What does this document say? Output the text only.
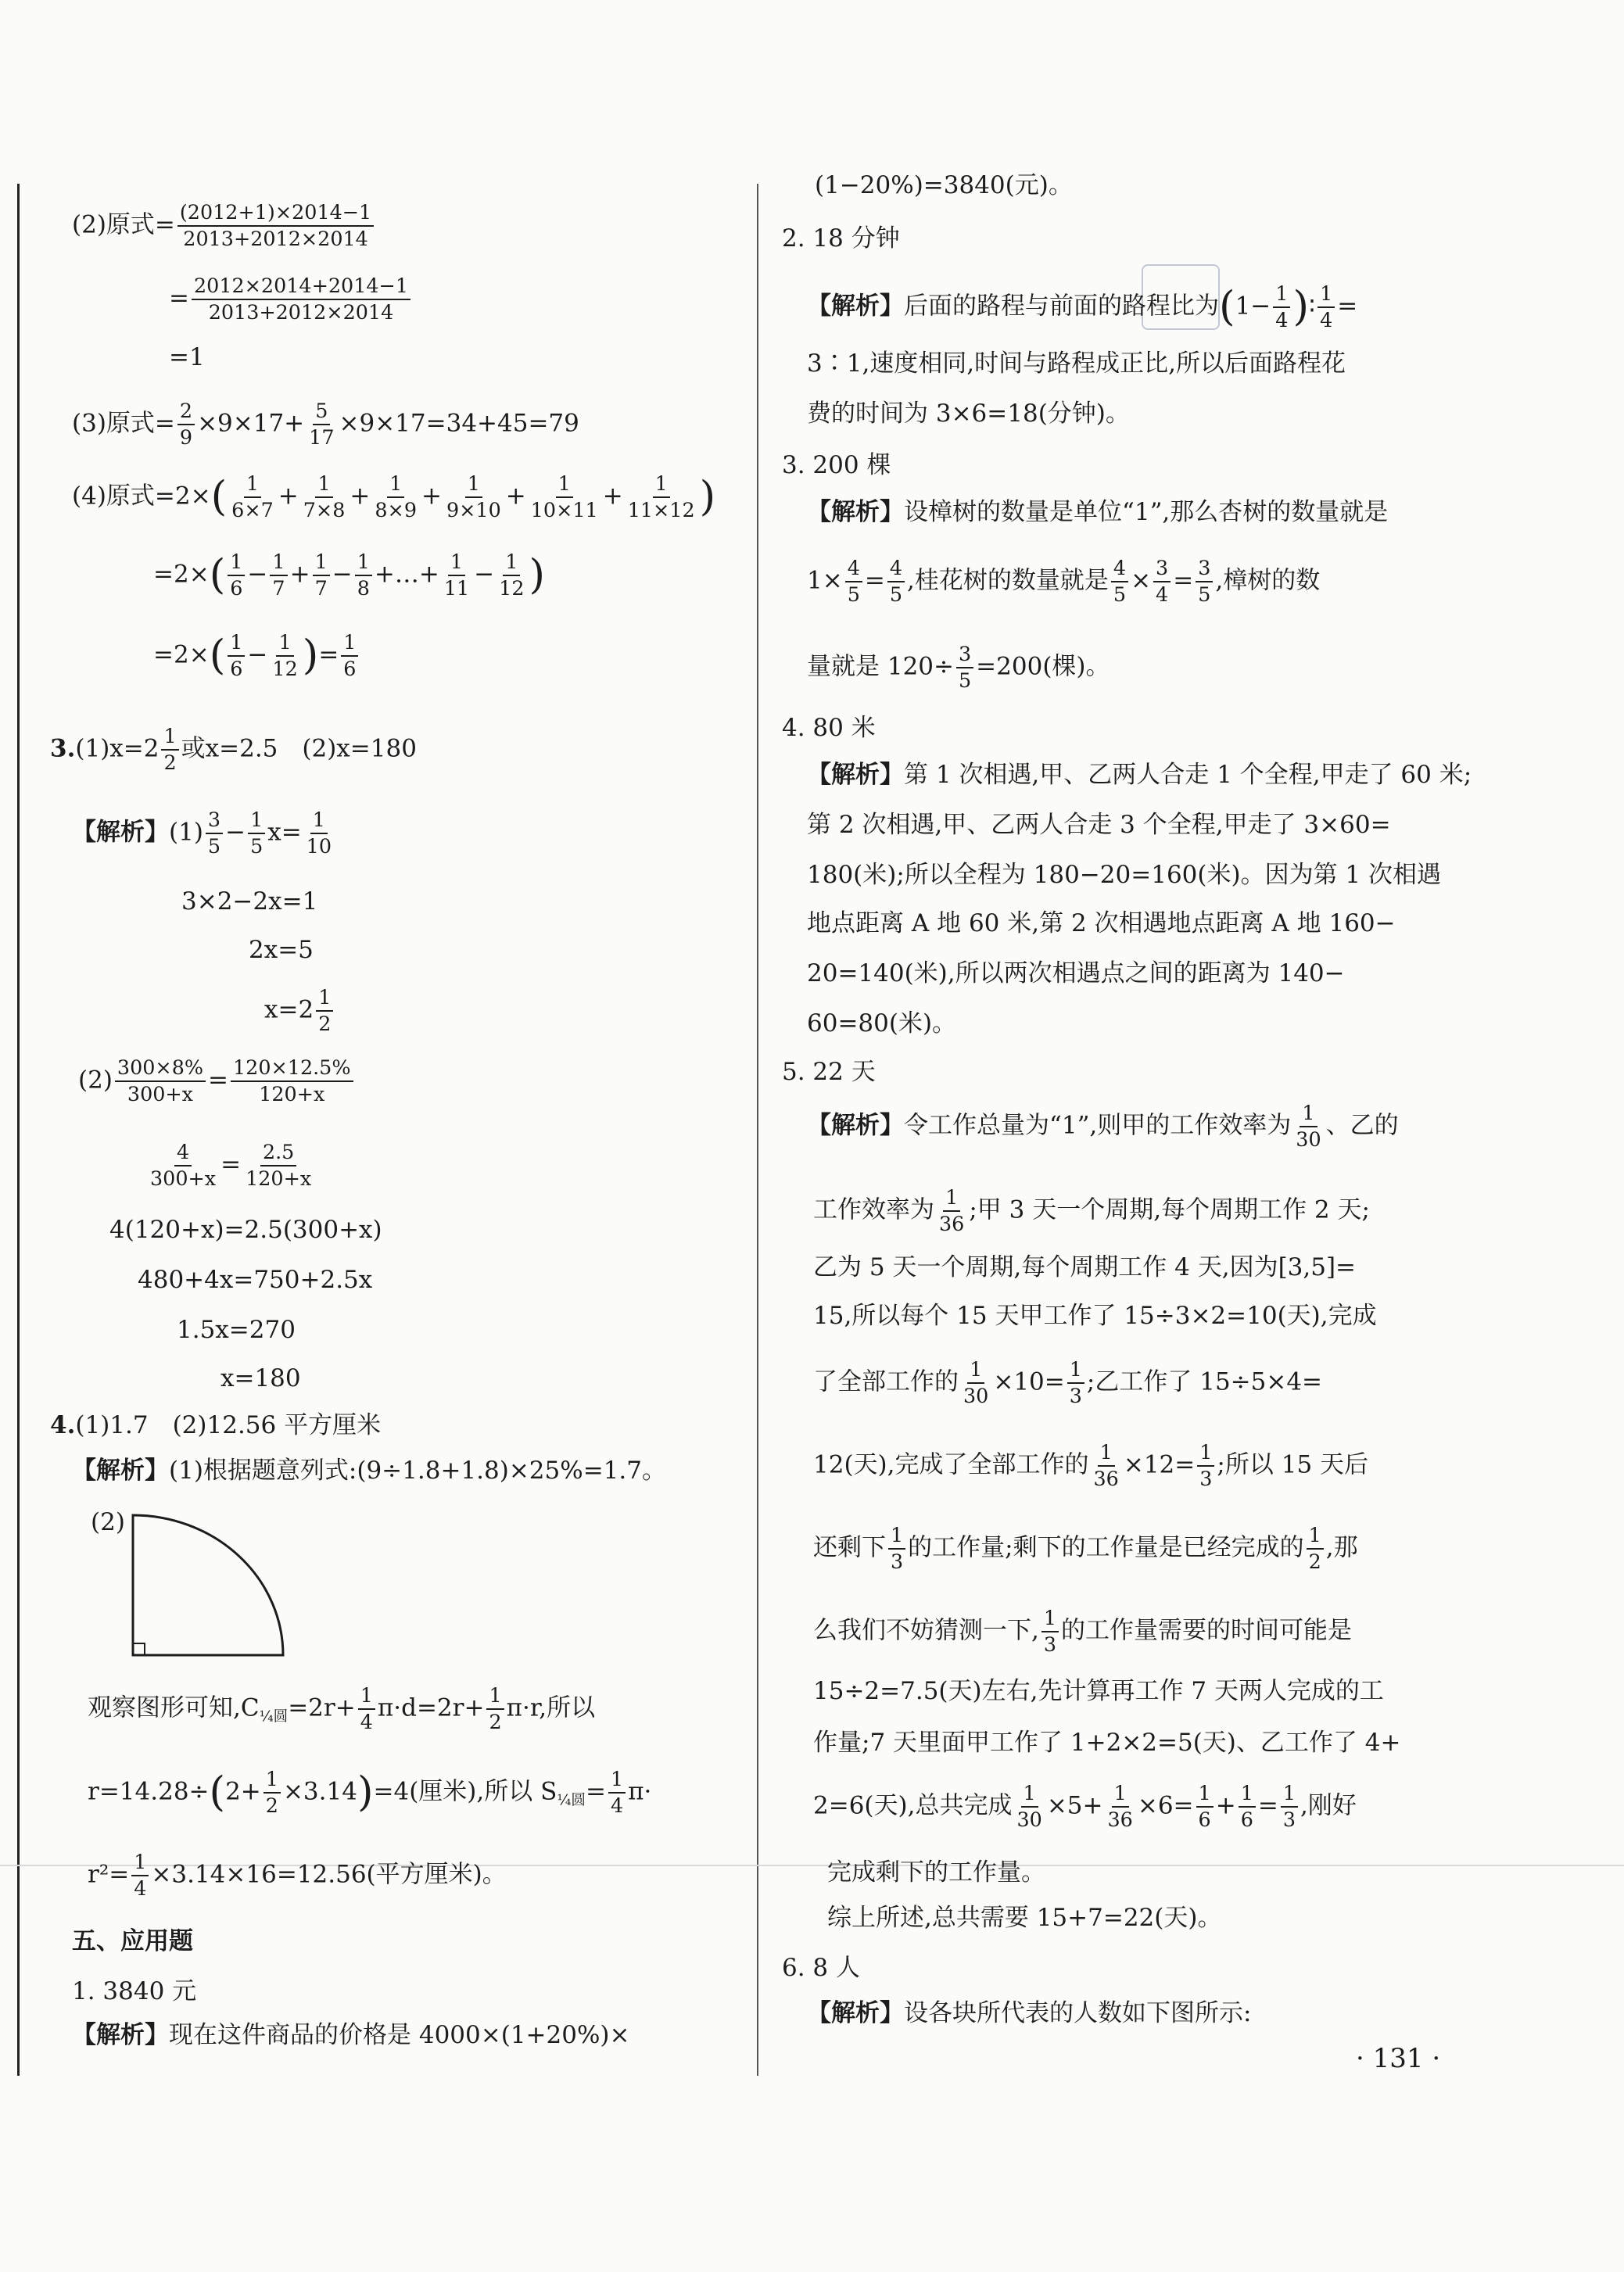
(2)原式= $\frac{(2012+1)\times 2014-1}{2013+2012\times 2014}$
= $\frac{2012\times 2014+2014-1}{2013+2012\times 2014}$
=1
(3)原式= $\frac{2}{9} \times 9\times 17+ \frac{5}{17} \times 9\times 17=34+45=79$
(4)原式$=2\times( \frac{1}{6\times 7} + \frac{1}{7\times 8} + \frac{1}{8\times 9} + \frac{1}{9\times 10} + \frac{1}{10\times 11} + \frac{1}{11\times 12}$ )
$=2\times( \frac{1}{6} - \frac{1}{7} + \frac{1}{7} - \frac{1}{8}$ +…+ $\frac{1}{11} - \frac{1}{12}$ )
$=2\times( \frac{1}{6} - \frac{1}{12}$ )= $\frac{1}{6}$
$3.(1)x=2 \frac{1}{2}$ 或x=2.5　(2)x=180
【解析】$(1) \frac{3}{5} - \frac{1}{5} x= \frac{1}{10}$
3×2−2x=1
2x=5
$x=2 \frac{1}{2}$
$(2) \frac{300\times 8\%}{300+x} = \frac{120\times 12.5\%}{120+x}$
$\frac{4}{300+x} = \frac{2.5}{120+x}$
4(120+x)=2.5(300+x)
480+4x=750+2.5x
1.5x=270
x=180
4.(1)1.7　(2)12.56 平方厘米
【解析】(1)根据题意列式:(9÷1.8+1.8)×25%=1.7。
(2)
观察图形可知$,C_{\frac{1}{4}圆}=2r+ \frac{1}{4} \pi\cdot d=2r+ \frac{1}{2} \pi\cdot r$,所以
$r=14.28\div(2+ \frac{1}{2} \times 3.14)=4$(厘米),所以 $S_{\frac{1}{4}圆}= \frac{1}{4} \pi\cdot$
$r^2= \frac{1}{4} \times 3.14\times 16=12.56$(平方厘米)。
五、应用题
1. 3840 元
【解析】现在这件商品的价格是 4000×(1+20%)×
(1−20%)=3840(元)。
2. 18 分钟
【解析】后面的路程与前面的路程比为($1- \frac{1}{4}$ )∶ $\frac{1}{4}$ =
3∶1,速度相同,时间与路程成正比,所以后面路程花
费的时间为 3×6=18(分钟)。
3. 200 棵
【解析】设樟树的数量是单位“1”,那么杏树的数量就是
$1\times \frac{4}{5} = \frac{4}{5}$ ,桂花树的数量就是 $\frac{4}{5} \times \frac{3}{4} = \frac{3}{5}$ ,樟树的数
量就是 $120\div \frac{3}{5} =200$(棵)。
4. 80 米
【解析】第 1 次相遇,甲、乙两人合走 1 个全程,甲走了 60 米;
第 2 次相遇,甲、乙两人合走 3 个全程,甲走了 3×60=
180(米);所以全程为 180−20=160(米)。因为第 1 次相遇
地点距离 A 地 60 米,第 2 次相遇地点距离 A 地 160−
20=140(米),所以两次相遇点之间的距离为 140−
60=80(米)。
5. 22 天
【解析】令工作总量为“1”,则甲的工作效率为 $\frac{1}{30}$ 、乙的
工作效率为 $\frac{1}{36}$ ;甲 3 天一个周期,每个周期工作 2 天;
乙为 5 天一个周期,每个周期工作 4 天,因为[3,5]=
15,所以每个 15 天甲工作了 15÷3×2=10(天),完成
了全部工作的 $\frac{1}{30} \times 10= \frac{1}{3}$ ;乙工作了 15÷5×4=
12(天),完成了全部工作的 $\frac{1}{36} \times 12= \frac{1}{3}$ ;所以 15 天后
还剩下 $\frac{1}{3}$ 的工作量;剩下的工作量是已经完成的 $\frac{1}{2}$ ,那
么我们不妨猜测一下, $\frac{1}{3}$ 的工作量需要的时间可能是
15÷2=7.5(天)左右,先计算再工作 7 天两人完成的工
作量;7 天里面甲工作了 1+2×2=5(天)、乙工作了 4+
2=6(天),总共完成 $\frac{1}{30} \times 5+ \frac{1}{36} \times 6= \frac{1}{6} + \frac{1}{6} = \frac{1}{3}$ ,刚好
完成剩下的工作量。
综上所述,总共需要 15+7=22(天)。
6. 8 人
【解析】设各块所代表的人数如下图所示:
· 131 ·
